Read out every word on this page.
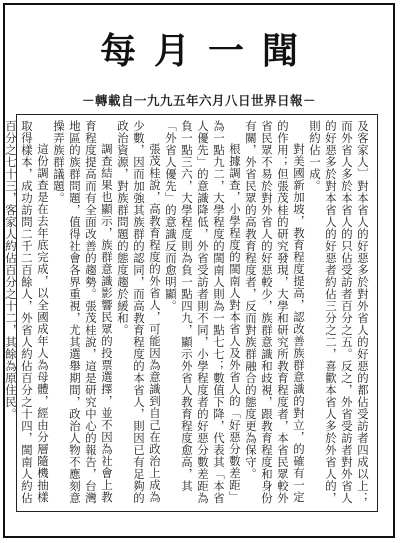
每月一聞
－轉載自一九九五年六月八日世界日報－

及客家人〕對本省人的好惡多於對外省人的好惡的都佔受訪者四成以上；而外省人多於本省人的只佔受訪者百分之五。反之，外省受訪者對外省人的好惡多於對本省人的好惡者約佔三分之二，喜歡本省人多於外省人的，則約佔一成。

對美國新加坡，教育程度提高，認改善族群意識的對立，的確有一定的作用；但張茂桂的研究發現，大學和研究所教育程度者，本省民眾較外省民眾不易於對外省人的好惡較少，族群意識和歧視，跟教育程度和身份有關，外省民眾的高教育程度者，反而對族群融合的態度更為保守。

根據調查，小學程度的閩南人對本省人及外省人的「好惡分數差距」為一點九二，大學程度的閩南人則為一點七七；數值下降，代表其「本省人優先」的意識降低，外省受訪者則不同，小學程度者的好惡分數差距為負一點三六，大學程度則為負一點四九，顯示外省人教育程度愈高，其「外省人優先」的意識反而愈明顯。

張茂桂說，高教育程度的外省人，可能因為意識到自己在政治上成為少數，因而加強其族群的認同，而高教育程度的本省人，則因已有足夠的政治資源，對族群問題的態度趨於緩和。

調查結果也顯示，族群意識影響民眾的投票選擇，並不因為社會上教育程度提高而有全面改善的趨勢。張茂桂說，這是研究中心的報告，台灣地區的族群問題，值得社會各界重視，尤其選舉期間，政治人物不應刻意操弄族群議題。

這份調查是在去年底完成，以全國成年人為母體，經由分層隨機抽樣取得樣本，成功訪問二千二百餘人，外省人約佔百分之十四，閩南人約佔百分之七十三，客家人約佔百分之十二，其餘為原住民。
